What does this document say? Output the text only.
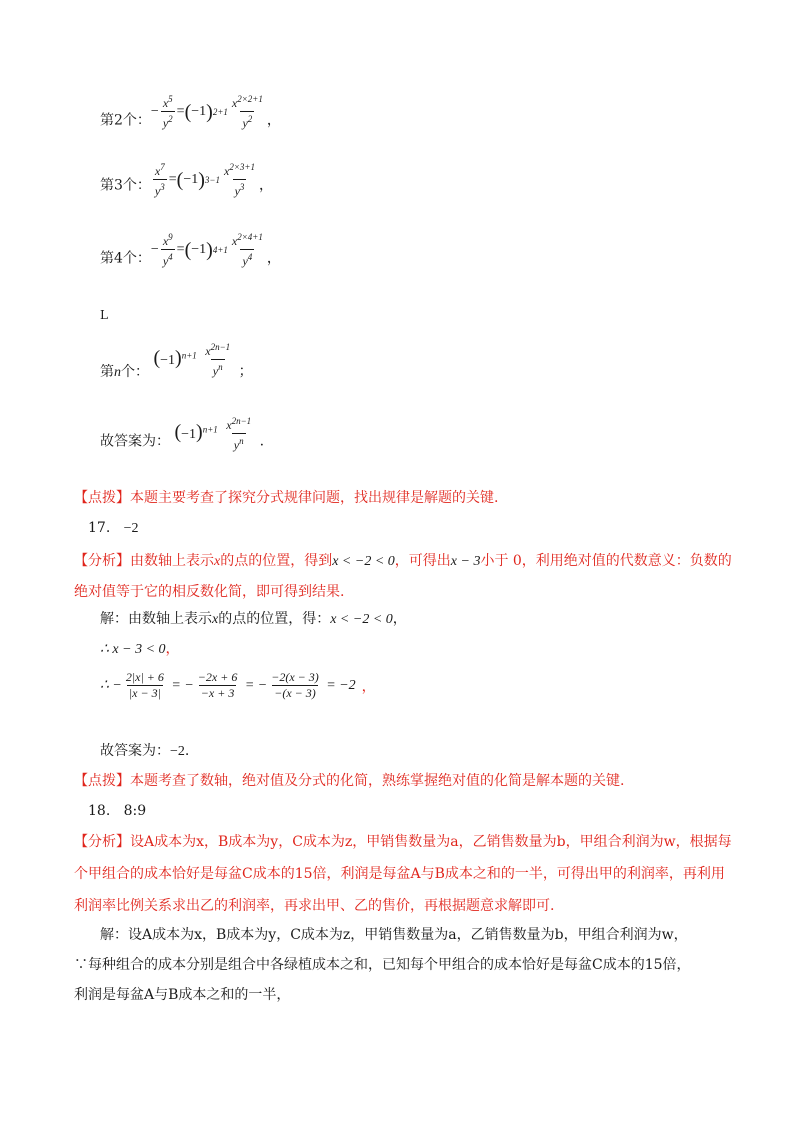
第2个：
− $\frac{x^5}{y^2}$ = ( −1 ) $2+1 \frac{x^{2\times 2+1}}{y^2}$ ，
第3个： $\frac{x^7}{y^3}$ = ( −1 ) $3-1 \frac{x^{2\times 3+1}}{y^3}$ ，
第4个：
− $\frac{x^9}{y^4}$ = ( −1 ) $4+1 \frac{x^{2\times 4+1}}{y^4}$ ，
L
第n个： $(-1)^{n+1} \frac{x^{2n-1}}{y^n}$ ；
故答案为： $(-1)^{n+1} \frac{x^{2n-1}}{y^n}$ .
【点拨】本题主要考查了探究分式规律问题，找出规律是解题的关键.
17. −2
【分析】由数轴上表示x的点的位置，得到x < −2 < 0，可得出x − 3小于 0，利用绝对值的代数意义：负数的绝对值等于它的相反数化简，即可得到结果.
解：由数轴上表示x的点的位置，得：x < −2 < 0，
∴ x − 3 < 0，
∴ − $\frac{2|x| + 6}{|x - 3|}$ = − $\frac{-2x + 6}{-x + 3}$ = − $\frac{-2(x - 3)}{-(x - 3)}$
= −2 ，
故答案为：−2.
【点拨】本题考查了数轴，绝对值及分式的化简，熟练掌握绝对值的化简是解本题的关键.
18. 8:9
【分析】设A成本为x，B成本为y，C成本为z，甲销售数量为a，乙销售数量为b，甲组合利润为w，根据每个甲组合的成本恰好是每盆C成本的15倍，利润是每盆A与B成本之和的一半，可得出甲的利润率，再利用利润率比例关系求出乙的利润率，再求出甲、乙的售价，再根据题意求解即可.
解：设A成本为x，B成本为y，C成本为z，甲销售数量为a，乙销售数量为b，甲组合利润为w，
∵每种组合的成本分别是组合中各绿植成本之和，已知每个甲组合的成本恰好是每盆C成本的15倍，
利润是每盆A与B成本之和的一半，
